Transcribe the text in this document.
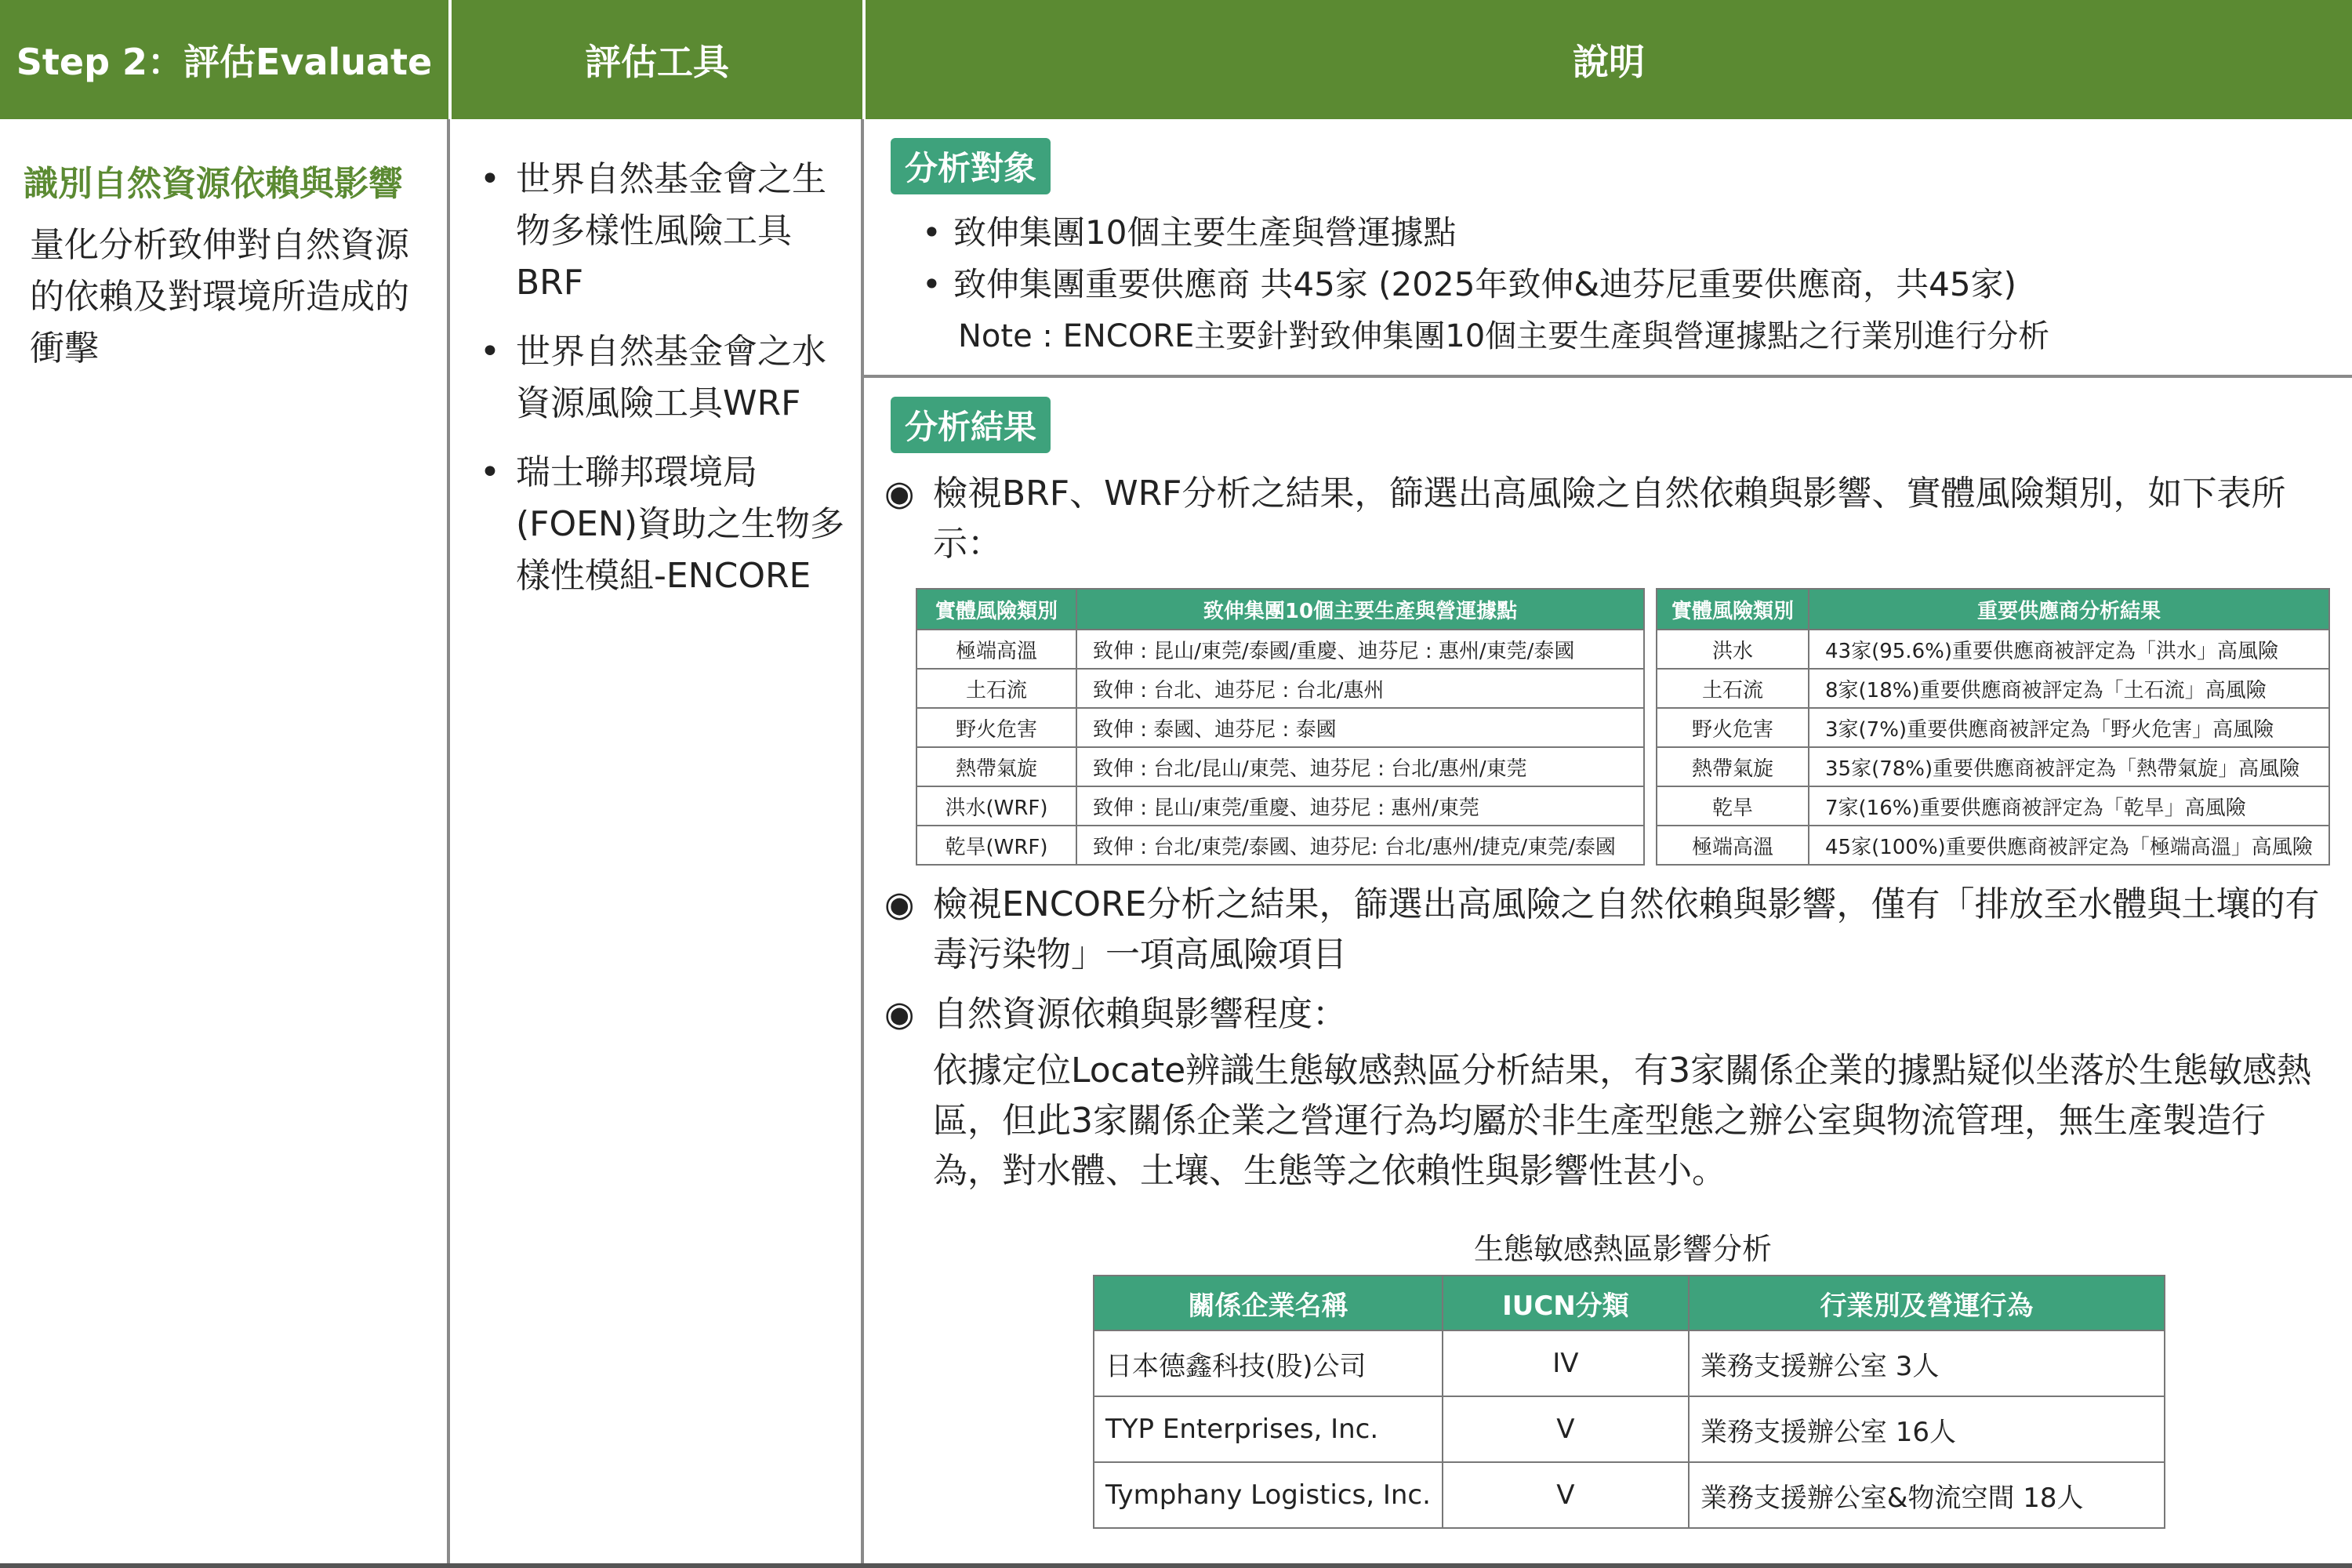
Step 2：評估Evaluate	評估工具	說明
識別自然資源依賴與影響
量化分析致伸對自然資源的依賴及對環境所造成的衝擊
• 世界自然基金會之生物多樣性風險工具BRF
• 世界自然基金會之水資源風險工具WRF
• 瑞士聯邦環境局(FOEN)資助之生物多樣性模組-ENCORE
分析對象
• 致伸集團10個主要生產與營運據點
• 致伸集團重要供應商 共45家 (2025年致伸&迪芬尼重要供應商，共45家)
Note : ENCORE主要針對致伸集團10個主要生產與營運據點之行業別進行分析
分析結果
◉ 檢視BRF、WRF分析之結果，篩選出高風險之自然依賴與影響、實體風險類別，如下表所示：
實體風險類別	致伸集團10個主要生產與營運據點
極端高溫	致伸 : 昆山/東莞/泰國/重慶、迪芬尼 : 惠州/東莞/泰國
土石流	致伸 : 台北、迪芬尼 : 台北/惠州
野火危害	致伸 : 泰國、迪芬尼 : 泰國
熱帶氣旋	致伸 : 台北/昆山/東莞、迪芬尼 : 台北/惠州/東莞
洪水(WRF)	致伸 : 昆山/東莞/重慶、迪芬尼 : 惠州/東莞
乾旱(WRF)	致伸 : 台北/東莞/泰國、迪芬尼: 台北/惠州/捷克/東莞/泰國
實體風險類別	重要供應商分析結果
洪水	43家(95.6%)重要供應商被評定為「洪水」高風險
土石流	8家(18%)重要供應商被評定為「土石流」高風險
野火危害	3家(7%)重要供應商被評定為「野火危害」高風險
熱帶氣旋	35家(78%)重要供應商被評定為「熱帶氣旋」高風險
乾旱	7家(16%)重要供應商被評定為「乾旱」高風險
極端高溫	45家(100%)重要供應商被評定為「極端高溫」高風險
◉ 檢視ENCORE分析之結果，篩選出高風險之自然依賴與影響，僅有「排放至水體與土壤的有毒污染物」一項高風險項目
◉ 自然資源依賴與影響程度：
依據定位Locate辨識生態敏感熱區分析結果，有3家關係企業的據點疑似坐落於生態敏感熱區，但此3家關係企業之營運行為均屬於非生產型態之辦公室與物流管理，無生產製造行為，對水體、土壤、生態等之依賴性與影響性甚小。
生態敏感熱區影響分析
關係企業名稱	IUCN分類	行業別及營運行為
日本德鑫科技(股)公司	IV	業務支援辦公室 3人
TYP Enterprises, Inc.	V	業務支援辦公室 16人
Tymphany Logistics, Inc.	V	業務支援辦公室&物流空間 18人
